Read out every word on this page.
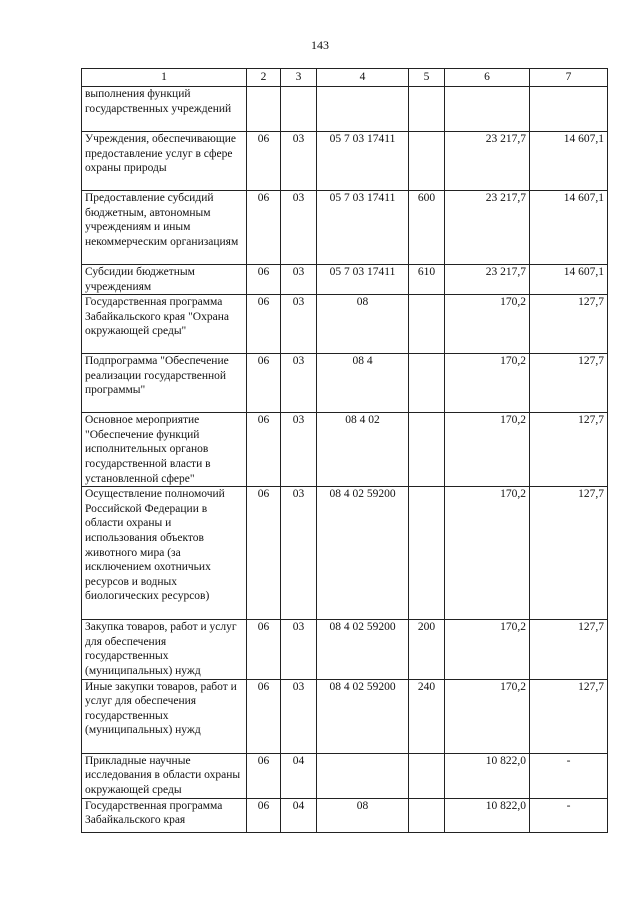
143
1	2	3	4	5	6	7
выполнения функций государственных учреждений						
Учреждения, обеспечивающие предоставление услуг в сфере охраны природы	06	03	05 7 03 17411		23 217,7	14 607,1
Предоставление субсидий бюджетным, автономным учреждениям и иным некоммерческим организациям	06	03	05 7 03 17411	600	23 217,7	14 607,1
Субсидии бюджетным учреждениям	06	03	05 7 03 17411	610	23 217,7	14 607,1
Государственная программа Забайкальского края "Охрана окружающей среды"	06	03	08		170,2	127,7
Подпрограмма "Обеспечение реализации государственной программы"	06	03	08 4		170,2	127,7
Основное мероприятие "Обеспечение функций исполнительных органов государственной власти в установленной сфере"	06	03	08 4 02		170,2	127,7
Осуществление полномочий Российской Федерации в области охраны и использования объектов животного мира (за исключением охотничьих ресурсов и водных биологических ресурсов)	06	03	08 4 02 59200		170,2	127,7
Закупка товаров, работ и услуг для обеспечения государственных (муниципальных) нужд	06	03	08 4 02 59200	200	170,2	127,7
Иные закупки товаров, работ и услуг для обеспечения государственных (муниципальных) нужд	06	03	08 4 02 59200	240	170,2	127,7
Прикладные научные исследования в области охраны окружающей среды	06	04			10 822,0	-
Государственная программа Забайкальского края	06	04	08		10 822,0	-
